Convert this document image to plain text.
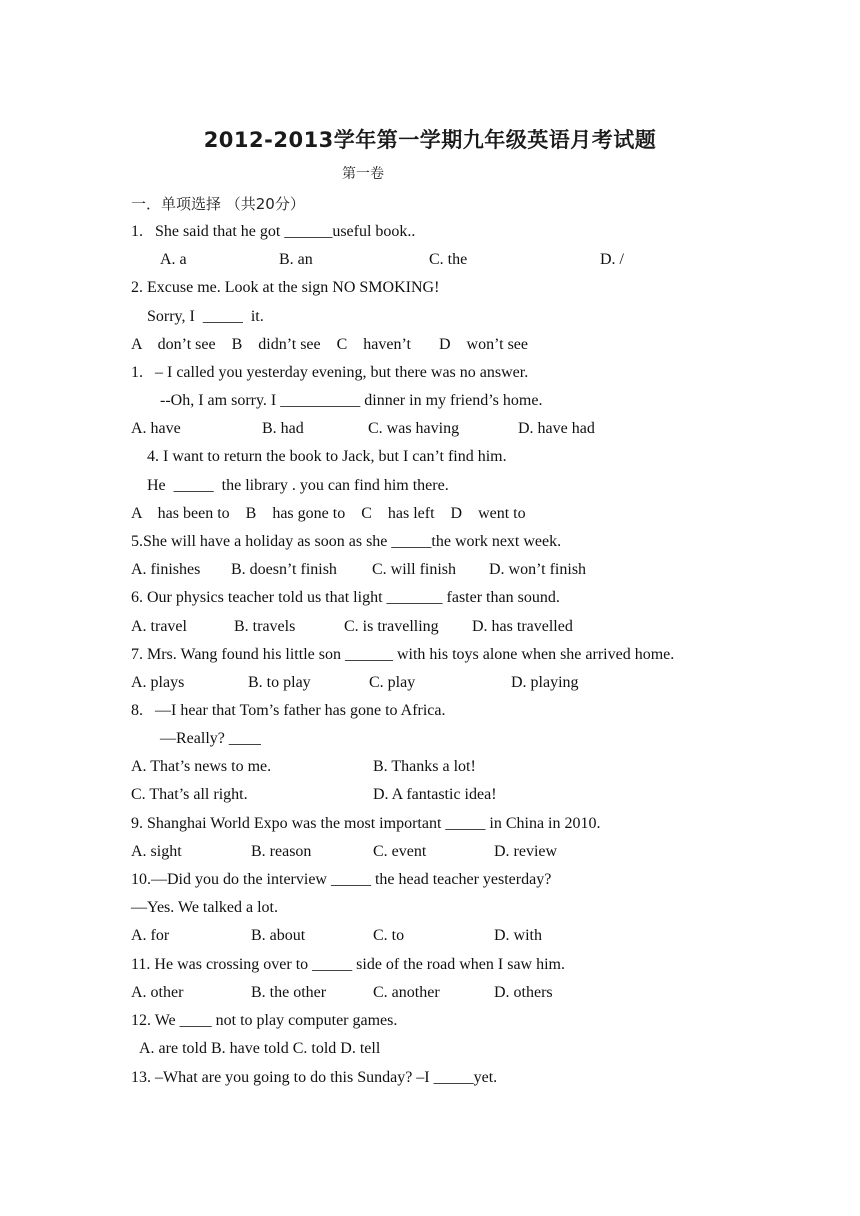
2012-2013学年第一学期九年级英语月考试题
第一卷
一．单项选择 （共20分）
1.   She said that he got ______useful book..
A. a	B. an	C. the	D. /
2. Excuse me. Look at the sign NO SMOKING!
Sorry, I  _____  it.
A    don’t see    B    didn’t see    C    haven’t       D    won’t see
1.   – I called you yesterday evening, but there was no answer.
--Oh, I am sorry. I __________ dinner in my friend’s home.
A. have	B. had	C. was having	D. have had
4. I want to return the book to Jack, but I can’t find him.
He  _____  the library . you can find him there.
A    has been to    B    has gone to    C    has left    D    went to
5.She will have a holiday as soon as she _____the work next week.
A. finishes B. doesn’t finish C. will finish D. won’t finish
6. Our physics teacher told us that light _______ faster than sound.
A. travel	B. travels	C. is travelling D. has travelled
7. Mrs. Wang found his little son ______ with his toys alone when she arrived home.
A. plays	B. to play	C. play	D. playing
8.   —I hear that Tom’s father has gone to Africa.
—Really? ____
A. That’s news to me.	B. Thanks a lot!
C. That’s all right.	D. A fantastic idea!
9. Shanghai World Expo was the most important _____ in China in 2010.
A. sight	B. reason	C. event	D. review
10.—Did you do the interview _____ the head teacher yesterday?
—Yes. We talked a lot.
A. for	B. about	C. to	D. with
11. He was crossing over to _____ side of the road when I saw him.
A. other	B. the other	C. another	D. others
12. We ____ not to play computer games.
A. are told B. have told C. told D. tell
13. –What are you going to do this Sunday? –I _____yet.
